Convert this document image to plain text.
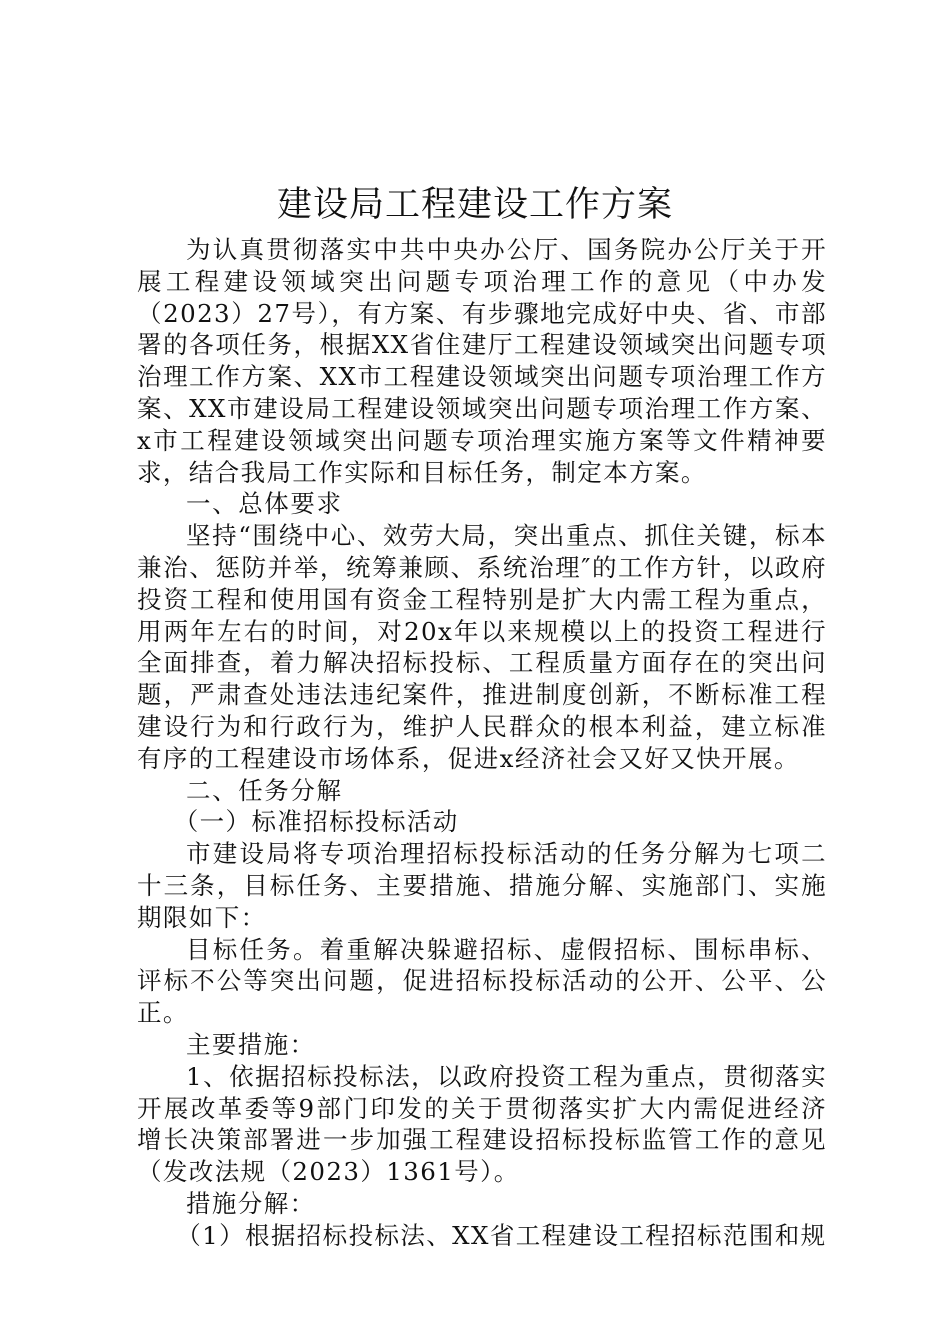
建设局工程建设工作方案

为认真贯彻落实中共中央办公厅、国务院办公厅关于开展工程建设领域突出问题专项治理工作的意见（中办发（2023）27号），有方案、有步骤地完成好中央、省、市部署的各项任务，根据XX省住建厅工程建设领域突出问题专项治理工作方案、XX市工程建设领域突出问题专项治理工作方案、XX市建设局工程建设领域突出问题专项治理工作方案、x市工程建设领域突出问题专项治理实施方案等文件精神要求，结合我局工作实际和目标任务，制定本方案。

一、总体要求

坚持“围绕中心、效劳大局，突出重点、抓住关键，标本兼治、惩防并举，统筹兼顾、系统治理″的工作方针，以政府投资工程和使用国有资金工程特别是扩大内需工程为重点，用两年左右的时间，对20x年以来规模以上的投资工程进行全面排查，着力解决招标投标、工程质量方面存在的突出问题，严肃查处违法违纪案件，推进制度创新，不断标准工程建设行为和行政行为，维护人民群众的根本利益，建立标准有序的工程建设市场体系，促进x经济社会又好又快开展。

二、任务分解

（一）标准招标投标活动

市建设局将专项治理招标投标活动的任务分解为七项二十三条，目标任务、主要措施、措施分解、实施部门、实施期限如下：

目标任务。着重解决躲避招标、虚假招标、围标串标、评标不公等突出问题，促进招标投标活动的公开、公平、公正。

主要措施：

1、依据招标投标法，以政府投资工程为重点，贯彻落实开展改革委等9部门印发的关于贯彻落实扩大内需促进经济增长决策部署进一步加强工程建设招标投标监管工作的意见（发改法规（2023）1361号）。

措施分解：

（1）根据招标投标法、XX省工程建设工程招标范围和规
